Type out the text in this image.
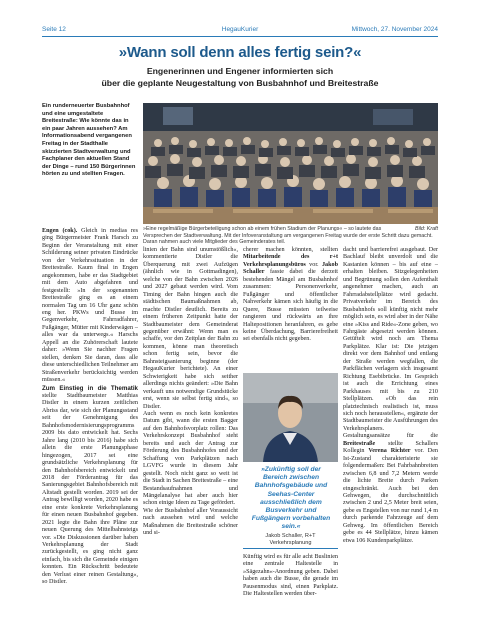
Seite 12	HegauKurier	Mittwoch, 27. November 2024
»Wann soll denn alles fertig sein?«
Engenerinnen und Engener informierten sich
über die geplante Neugestaltung von Busbahnhof und Breitestraße
Ein runderneuerter Busbahnhof und eine umgestaltete Breitestraße: Wie könnte das in ein paar Jahren aussehen? Am Informationsabend vergangenen Freitag in der Stadthalle skizzierten Stadtverwaltung und Fachplaner den aktuellen Stand der Dinge – rund 150 Bürgerinnen hörten zu und stellten Fragen.
Bild: Kraft
»Eine regelmäßige Bürgerbeteiligung schon ab einem frühen Stadium der Planungs« – so lautete das Versprechen der Stadtverwaltung. Mit der Infoveranstaltung am vergangenen Freitag wurde der erste Schritt dazu gemacht. Daran nahmen auch viele Mitglieder des Gemeinderates teil.

Engen (cok). Gleich in medias res ging Bürgermeister Frank Harsch zu Beginn der Veranstaltung mit einer Schilderung seiner privaten Eindrücke von der Verkehrssituation in der Breitestraße. Kaum final in Engen angekommen, habe er das Stadtgebiet mit dem Auto abgefahren und festgestellt: »In der sogenannten Breitestraße ging es an einem normalen Tag um 16 Uhr ganz schön eng her. PKWs und Busse im Gegenverkehr, Fahrradfahrer, Fußgänger, Mütter mit Kinderwägen – alles war da unterwegs.« Harschs Appell an die Zuhörerschaft lautete daher: »Wenn Sie nachher Fragen stellen, denken Sie daran, dass alle diese unterschiedlichen Teilnehmer am Straßenverkehr berücksichtig werden müssen.«

Zum Einstieg in die Thematik stellte Stadtbaumeister Matthias Distler in einem kurzen zeitlichen Abriss dar, wie sich der Planungsstand seit der Genehmigung des Bahnhofsmodernisierungsprogramms 2009 bis dato entwickelt hat. Sechs Jahre lang (2010 bis 2016) habe sich allein die erste Planungsphase hingezogen, 2017 sei eine grundsätzliche Verkehrsplanung für den Bahnhofsbereich entwickelt und 2018 der Förderantrag für das Sanierungsgebiet Bahnhofsbereich mit Altstadt gestellt worden. 2019 sei der Antrag bewilligt worden, 2020 habe es eine erste konkrete Verkehrsplanung für einen neuen Busbahnhof gegeben. 2021 legte die Bahn ihre Pläne zur neuen Querung des Mittelbahnsteigs vor. »Die Diskussionen darüber haben Verkehrsplanung der Stadt zurückgestellt, es ging nicht ganz einfach, bis sich die Gemeinde einigen konnten. Ein Rückschritt bedeutete den Verlust einer reinen Gestaltung«, so Distler.

linien der Bahn sind unumstößlich«, kommentierte Distler die Überquerung mit zwei Aufzügen (ähnlich wie in Gottmadingen), welche von der Bahn zwischen 2026 und 2027 gebaut werden wird. Vom Timing der Bahn hingen auch die städtischen Baumaßnahmen ab, machte Distler deutlich. Bereits zu einem früheren Zeitpunkt hatte der Stadtbaumeister dem Gemeinderat gegenüber erwähnt: Wenn man es schaffe, vor den Zeitplan der Bahn zu kommen, könne man theoretisch schon fertig sein, bevor die Bahnsteigsanierung beginne (der HegauKurier berichtete). An einer Schwierigkeit habe sich seither allerdings nichts geändert: »Die Bahn verkauft uns notwendige Grundstücke erst, wenn sie selbst fertig sind«, so Distler.

Auch wenn es noch kein konkretes Datum gibt, wann die ersten Bagger auf den Bahnhofsvorplatz rollen: Das Verkehrskonzept Busbahnhof steht bereits und auch der Antrag zur Förderung des Busbahnhofes und der Schaffung von Parkplätzen nach LGVFG wurde in diesem Jahr gestellt. Noch nicht ganz so weit ist die Stadt in Sachen Breitestraße – eine Bestandsaufnahmen und Mängelanalyse hat aber auch hier schon einige Ideen zu Tage gefördert.

Wie der Busbahnhof aller Voraussicht nach aussehen wird und welche Maßnahmen die Breitestraße schöner und si-

cherer machen könnten, stellten Mitarbeitende des r+t Verkehrsplanungsbüros vor. Jakob Schaller fasste dabei die derzeit bestehenden Mängel am Busbahnhof zusammen: Personenverkehr, Fußgänger und öffentlicher Nahverkehr kämen sich häufig in die Quere, Busse müssten teilweise rangieren und rückwärts an ihre Haltepositionen heranfahren, es gebe keine Überdachung, Barrierefreiheit sei ebenfalls nicht gegeben.

»Zukünftig soll der Bereich zwischen Bahnhofsgebäude und Seehas-Center ausschließlich dem Busverkehr und Fußgängern vorbehalten sein.«
Jakob Schaller, R+T
Verkehrsplanung

Künftig wird es für alle acht Buslinien eine zentrale Haltestelle in »Sägezahn«-Anordnung geben. Dabei haben auch die Busse, die gerade im Pausenmodus sind, einen Parkplatz. Die Haltestellen werden über-

dacht und barrierefrei ausgebaut. Der Bachlauf bleibt unverdolt und die Kastanien können – bis auf eine – erhalten bleiben. Sitzgelegenheiten und Begrünung sollen den Aufenthalt angenehmer machen, auch an Fahrradabstellplätze wird gedacht. Privatverkehr im Bereich des Busbahnhofs soll künftig nicht mehr möglich sein, es wird aber in der Nähe eine »Kiss and Ride«-Zone geben, wo Fahrgäste abgesetzt werden können. Getüftelt wird noch am Thema Parkplätze. Klar ist: Die jetzigen direkt vor dem Bahnhof und entlang der Straße werden wegfallen, die Parkflächen verlagern sich insgesamt Richtung Esebibrücke. Im Gespräch ist auch die Errichtung eines Parkhauses mit bis zu 210 Stellplätzen. »Ob das rein platztechnisch realistisch ist, muss sich noch herausstellen«, ergänzte der Stadtbaumeister die Ausführungen des Verkehrsplaners.

Gestaltungsansätze für die Breitestraße stellte Schallers Kollegin Verena Richter vor. Den Ist-Zustand charakterisierte sie folgendermaßen: Bei Fahrbahnbreiten zwischen 6,8 und 7,2 Metern werde die lichte Breite durch Parken eingeschränkt. Auch bei den Gehwegen, die durchschnittlich zwischen 2 und 2,5 Meter breit seien, gebe es Engstellen von nur rund 1,4 m durch parkende Fahrzeuge auf dem Gehweg. Im öffentlichen Bereich gebe es 44 Stellplätze, hinzu kämen etwa 106 Kundenparkplätze.
